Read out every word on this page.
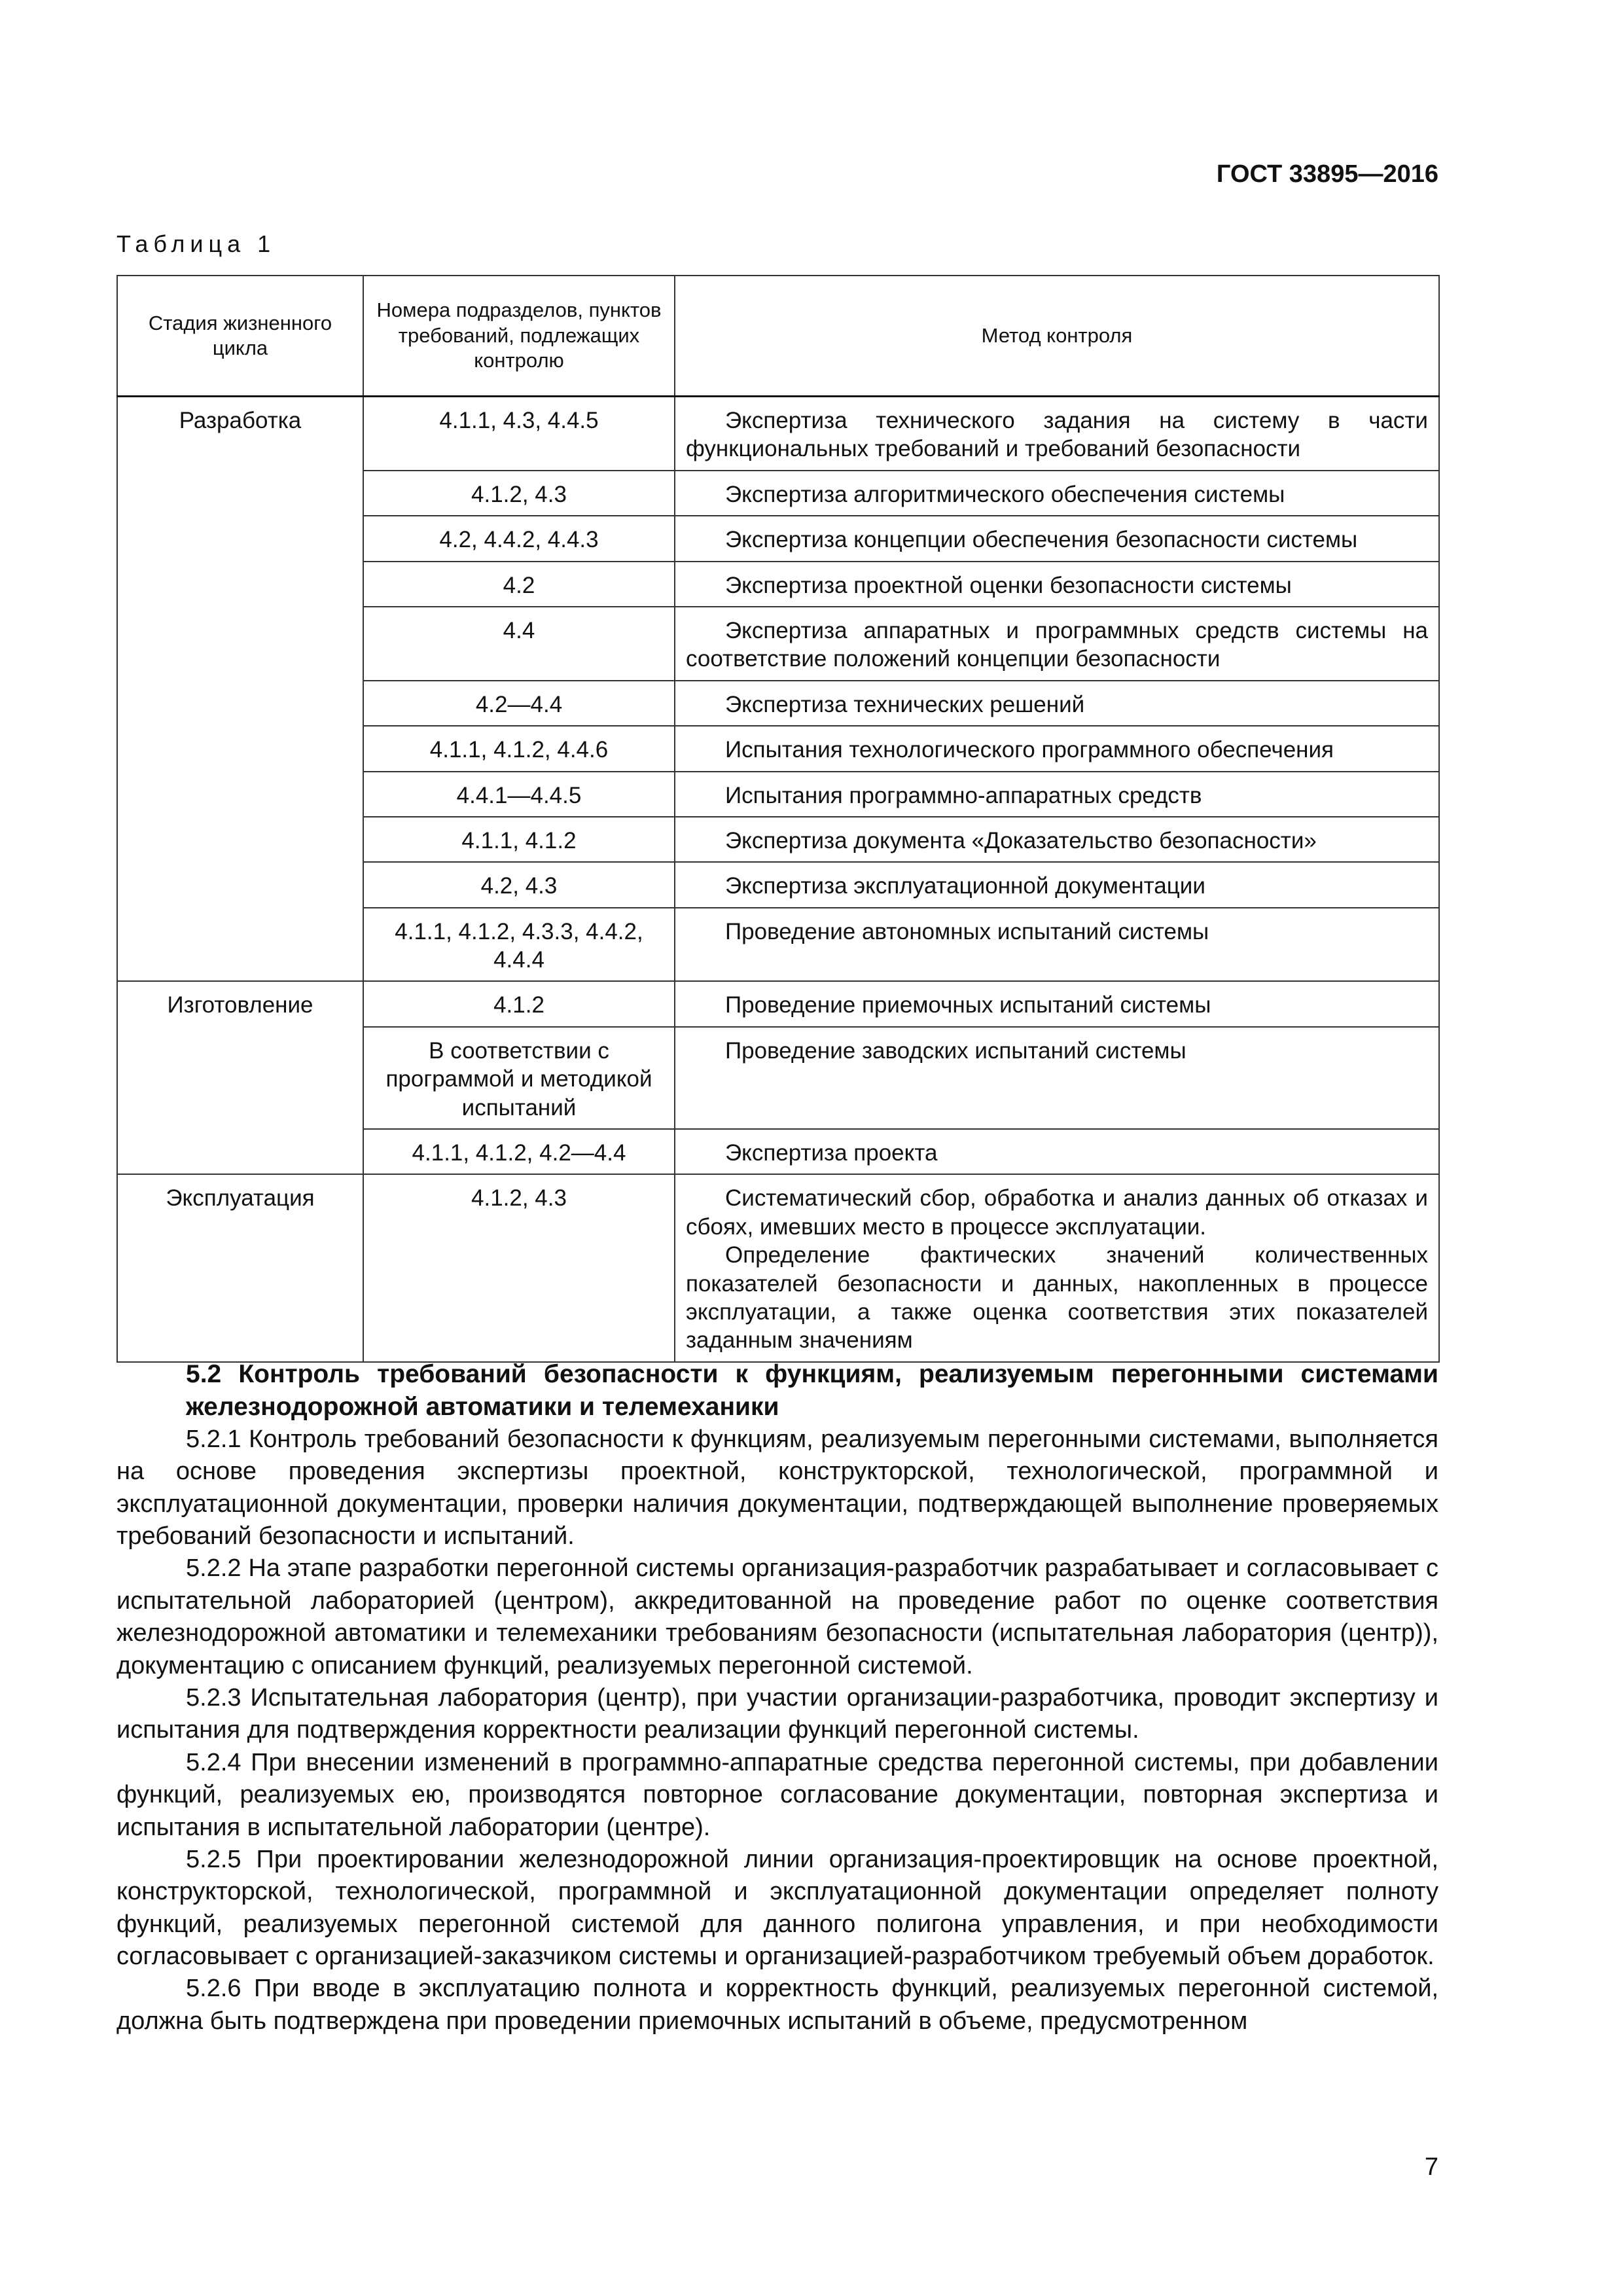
ГОСТ 33895—2016
Таблица 1
Стадия жизненного цикла	Номера подразделов, пунктов требований, подлежащих контролю	Метод контроля
Разработка	4.1.1, 4.3, 4.4.5	Экспертиза технического задания на систему в части функциональных требований и требований безопасности

	4.1.2, 4.3	Экспертиза алгоритмического обеспечения системы

	4.2, 4.4.2, 4.4.3	Экспертиза концепции обеспечения безопасности системы

	4.2	Экспертиза проектной оценки безопасности системы

	4.4	Экспертиза аппаратных и программных средств системы на соответствие положений концепции безопасности

	4.2—4.4	Экспертиза технических решений

	4.1.1, 4.1.2, 4.4.6	Испытания технологического программного обеспечения

	4.4.1—4.4.5	Испытания программно-аппаратных средств

	4.1.1, 4.1.2	Экспертиза документа «Доказательство безопасности»

	4.2, 4.3	Экспертиза эксплуатационной документации

	4.1.1, 4.1.2, 4.3.3, 4.4.2, 4.4.4	Проведение автономных испытаний системы

Изготовление	4.1.2	Проведение приемочных испытаний системы

	В соответствии с программой и методикой испытаний	Проведение заводских испытаний системы

	4.1.1, 4.1.2, 4.2—4.4	Экспертиза проекта

Эксплуатация	4.1.2, 4.3	Систематический сбор, обработка и анализ данных об отказах и сбоях, имевших место в процессе эксплуатации.
Определение фактических значений количественных показателей безопасности и данных, накопленных в процессе эксплуатации, а также оценка соответствия этих показателей заданным значениям
5.2 Контроль требований безопасности к функциям, реализуемым перегонными системами железнодорожной автоматики и телемеханики

5.2.1 Контроль требований безопасности к функциям, реализуемым перегонными системами, выполняется на основе проведения экспертизы проектной, конструкторской, технологической, программной и эксплуатационной документации, проверки наличия документации, подтверждающей выполнение проверяемых требований безопасности и испытаний.

5.2.2 На этапе разработки перегонной системы организация-разработчик разрабатывает и согласовывает с испытательной лабораторией (центром), аккредитованной на проведение работ по оценке соответствия железнодорожной автоматики и телемеханики требованиям безопасности (испытательная лаборатория (центр)), документацию с описанием функций, реализуемых перегонной системой.

5.2.3 Испытательная лаборатория (центр), при участии организации-разработчика, проводит экспертизу и испытания для подтверждения корректности реализации функций перегонной системы.

5.2.4 При внесении изменений в программно-аппаратные средства перегонной системы, при добавлении функций, реализуемых ею, производятся повторное согласование документации, повторная экспертиза и испытания в испытательной лаборатории (центре).

5.2.5 При проектировании железнодорожной линии организация-проектировщик на основе проектной, конструкторской, технологической, программной и эксплуатационной документации определяет полноту функций, реализуемых перегонной системой для данного полигона управления, и при необходимости согласовывает с организацией-заказчиком системы и организацией-разработчиком требуемый объем доработок.

5.2.6 При вводе в эксплуатацию полнота и корректность функций, реализуемых перегонной системой, должна быть подтверждена при проведении приемочных испытаний в объеме, предусмотренном

7
